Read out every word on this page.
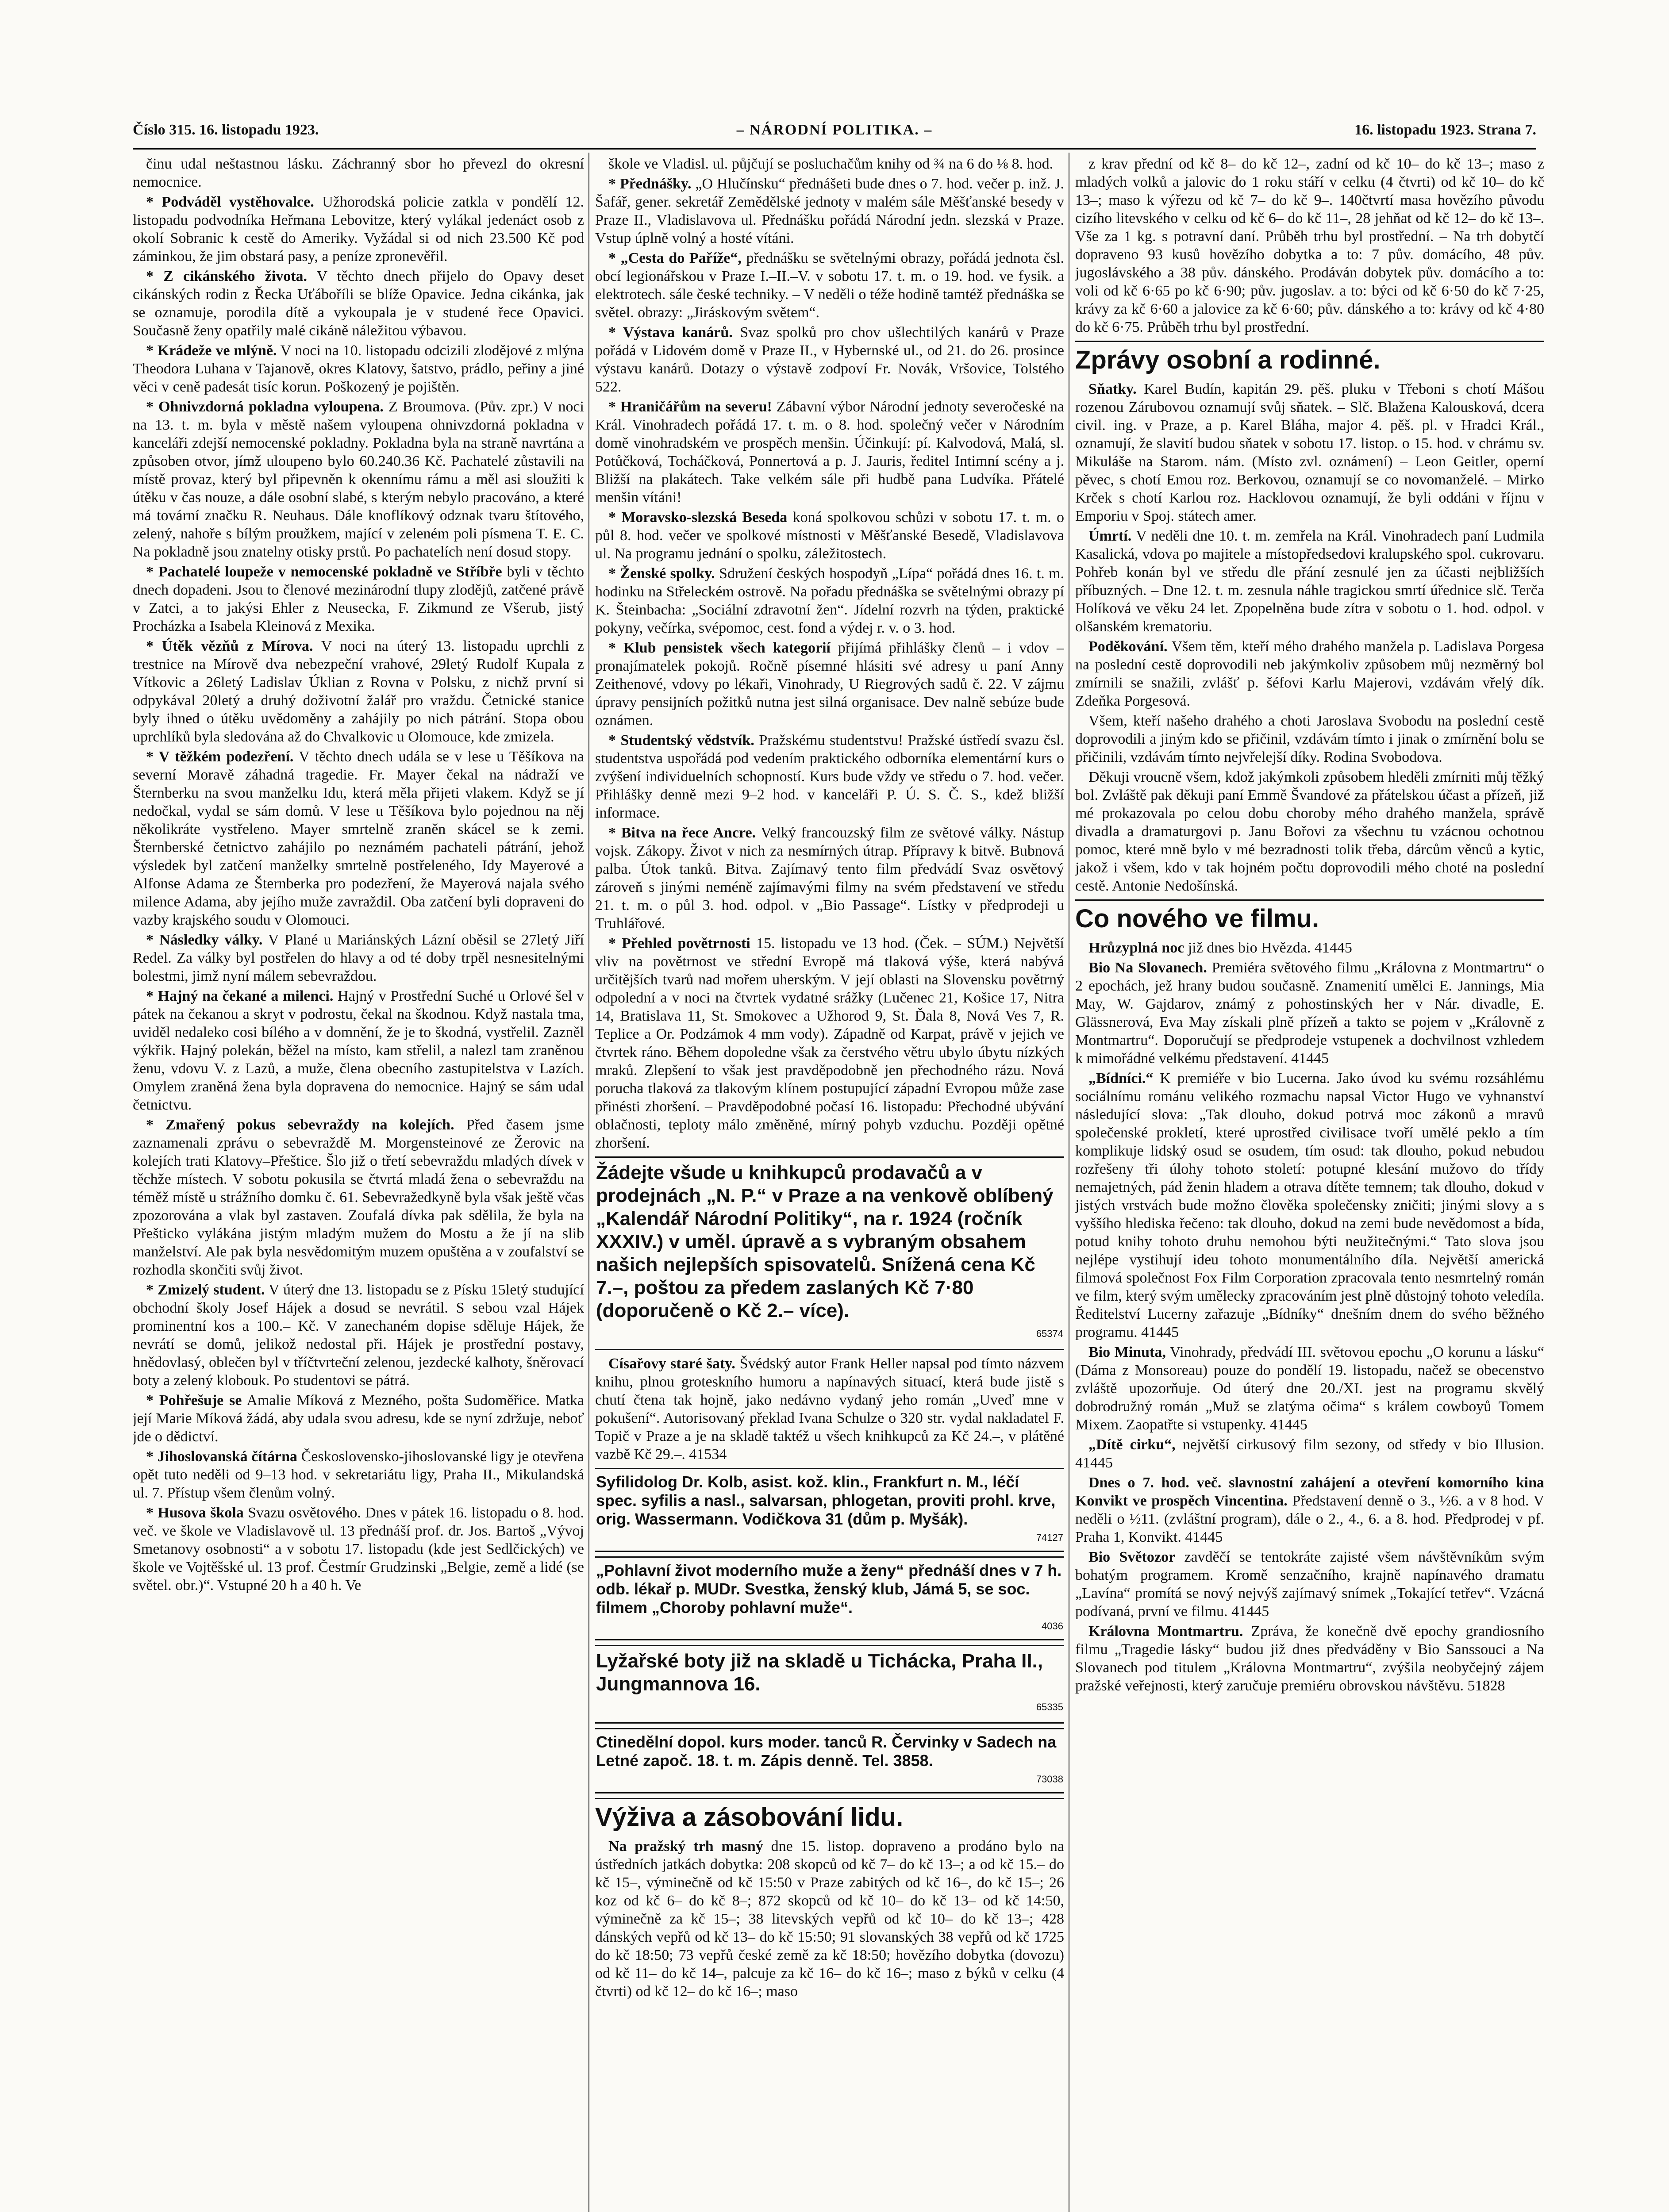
Číslo 315. 16. listopadu 1923.	– NÁRODNÍ POLITIKA. –	16. listopadu 1923. Strana 7.

činu udal neštastnou lásku. Záchranný sbor ho převezl do okresní nemocnice.

* Podváděl vystěhovalce. Užhorodská policie zatkla v pondělí 12. listopadu podvodníka Heřmana Lebovitze, který vylákal jedenáct osob z okolí Sobranic k cestě do Ameriky. Vyžádal si od nich 23.500 Kč pod záminkou, že jim obstará pasy, a peníze zpronevěřil.

* Z cikánského života. V těchto dnech přijelo do Opavy deset cikánských rodin z Řecka Uťáboříli se blíže Opavice. Jedna cikánka, jak se oznamuje, porodila dítě a vykoupala je v studené řece Opavici. Současně ženy opatřily malé cikáně náležitou výbavou.

* Krádeže ve mlýně. V noci na 10. listopadu odcizili zlodějové z mlýna Theodora Luhana v Tajanově, okres Klatovy, šatstvo, prádlo, peřiny a jiné věci v ceně padesát tisíc korun. Poškozený je pojištěn.

* Ohnivzdorná pokladna vyloupena. Z Broumova. (Pův. zpr.) V noci na 13. t. m. byla v městě našem vyloupena ohnivzdorná pokladna v kanceláři zdejší nemocenské pokladny. Pokladna byla na straně navrtána a způsoben otvor, jímž uloupeno bylo 60.240.36 Kč. Pachatelé zůstavili na místě provaz, který byl připevněn k okennímu rámu a měl asi sloužiti k útěku v čas nouze, a dále osobní slabé, s kterým nebylo pracováno, a které má tovární značku R. Neuhaus. Dále knoflíkový odznak tvaru štítového, zelený, nahoře s bílým proužkem, mající v zeleném poli písmena T. E. C. Na pokladně jsou znatelny otisky prstů. Po pachatelích není dosud stopy.

* Pachatelé loupeže v nemocenské pokladně ve Stříbře byli v těchto dnech dopadeni. Jsou to členové mezinárodní tlupy zlodějů, zatčené právě v Zatci, a to jakýsi Ehler z Neusecka, F. Zikmund ze Všerub, jistý Procházka a Isabela Kleinová z Mexika.

* Útěk vězňů z Mírova. V noci na úterý 13. listopadu uprchli z trestnice na Mírově dva nebezpeční vrahové, 29letý Rudolf Kupala z Vítkovic a 26letý Ladislav Úklian z Rovna v Polsku, z nichž první si odpykával 20letý a druhý doživotní žalář pro vraždu. Četnické stanice byly ihned o útěku uvědoměny a zahájily po nich pátrání. Stopa obou uprchlíků byla sledována až do Chvalkovic u Olomouce, kde zmizela.

* V těžkém podezření. V těchto dnech udála se v lese u Těšíkova na severní Moravě záhadná tragedie. Fr. Mayer čekal na nádraží ve Šternberku na svou manželku Idu, která měla přijeti vlakem. Když se jí nedočkal, vydal se sám domů. V lese u Těšíkova bylo pojednou na něj několikráte vystřeleno. Mayer smrtelně zraněn skácel se k zemi. Šternberské četnictvo zahájilo po neznámém pachateli pátrání, jehož výsledek byl zatčení manželky smrtelně postřeleného, Idy Mayerové a Alfonse Adama ze Šternberka pro podezření, že Mayerová najala svého milence Adama, aby jejího muže zavraždil. Oba zatčení byli dopraveni do vazby krajského soudu v Olomouci.

* Následky války. V Plané u Mariánských Lázní oběsil se 27letý Jiří Redel. Za války byl postřelen do hlavy a od té doby trpěl nesnesitelnými bolestmi, jimž nyní málem sebevraždou.

* Hajný na čekané a milenci. Hajný v Prostřední Suché u Orlové šel v pátek na čekanou a skryt v podrostu, čekal na škodnou. Když nastala tma, uviděl nedaleko cosi bílého a v domnění, že je to škodná, vystřelil. Zazněl výkřik. Hajný polekán, běžel na místo, kam střelil, a nalezl tam zraněnou ženu, vdovu V. z Lazů, a muže, člena obecního zastupitelstva v Lazích. Omylem zraněná žena byla dopravena do nemocnice. Hajný se sám udal četnictvu.

* Zmařený pokus sebevraždy na kolejích. Před časem jsme zaznamenali zprávu o sebevraždě M. Morgensteinové ze Žerovic na kolejích trati Klatovy–Přeštice. Šlo již o třetí sebevraždu mladých dívek v těchže místech. V sobotu pokusila se čtvrtá mladá žena o sebevraždu na téměž místě u strážního domku č. 61. Sebevražedkyně byla však ještě včas zpozorována a vlak byl zastaven. Zoufalá dívka pak sdělila, že byla na Přešticko vylákána jistým mladým mužem do Mostu a že jí na slib manželství. Ale pak byla nesvědomitým muzem opuštěna a v zoufalství se rozhodla skončiti svůj život.

* Zmizelý student. V úterý dne 13. listopadu se z Písku 15letý studující obchodní školy Josef Hájek a dosud se nevrátil. S sebou vzal Hájek prominentní kos a 100.– Kč. V zanechaném dopise sděluje Hájek, že nevrátí se domů, jelikož nedostal při. Hájek je prostřední postavy, hnědovlasý, oblečen byl v tříčtvrteční zelenou, jezdecké kalhoty, šněrovací boty a zelený klobouk. Po studentovi se pátrá.

* Pohřešuje se Amalie Míková z Mezného, pošta Sudoměřice. Matka její Marie Míková žádá, aby udala svou adresu, kde se nyní zdržuje, neboť jde o dědictví.

* Jihoslovanská čítárna Československo-jihoslovanské ligy je otevřena opět tuto neděli od 9–13 hod. v sekretariátu ligy, Praha II., Mikulandská ul. 7. Přístup všem členům volný.

* Husova škola Svazu osvětového. Dnes v pátek 16. listopadu o 8. hod. več. ve škole ve Vladislavově ul. 13 přednáší prof. dr. Jos. Bartoš „Vývoj Smetanovy osobnosti“ a v sobotu 17. listopadu (kde jest Sedlčických) ve škole ve Vojtěšské ul. 13 prof. Čestmír Grudzinski „Belgie, země a lidé (se světel. obr.)“. Vstupné 20 h a 40 h. Ve

škole ve Vladisl. ul. půjčují se posluchačům knihy od ¾ na 6 do ⅛ 8. hod.

* Přednášky. „O Hlučínsku“ přednášeti bude dnes o 7. hod. večer p. inž. J. Šafář, gener. sekretář Zemědělské jednoty v malém sále Měšťanské besedy v Praze II., Vladislavova ul. Přednášku pořádá Národní jedn. slezská v Praze. Vstup úplně volný a hosté vítáni.

* „Cesta do Paříže“, přednášku se světelnými obrazy, pořádá jednota čsl. obcí legionářskou v Praze I.–II.–V. v sobotu 17. t. m. o 19. hod. ve fysik. a elektrotech. sále české techniky. – V neděli o téže hodině tamtéž přednáška se světel. obrazy: „Jiráskovým světem“.

* Výstava kanárů. Svaz spolků pro chov ušlechtilých kanárů v Praze pořádá v Lidovém domě v Praze II., v Hybernské ul., od 21. do 26. prosince výstavu kanárů. Dotazy o výstavě zodpoví Fr. Novák, Vršovice, Tolstého 522.

* Hraničářům na severu! Zábavní výbor Národní jednoty severočeské na Král. Vinohradech pořádá 17. t. m. o 8. hod. společný večer v Národním domě vinohradském ve prospěch menšin. Účinkují: pí. Kalvodová, Malá, sl. Potůčková, Tocháčková, Ponnertová a p. J. Jauris, ředitel Intimní scény a j. Bližší na plakátech. Take velkém sále při hudbě pana Ludvíka. Přátelé menšin vítáni!

* Moravsko-slezská Beseda koná spolkovou schůzi v sobotu 17. t. m. o půl 8. hod. večer ve spolkové místnosti v Měšťanské Besedě, Vladislavova ul. Na programu jednání o spolku, záležitostech.

* Ženské spolky. Sdružení českých hospodyň „Lípa“ pořádá dnes 16. t. m. hodinku na Střeleckém ostrově. Na pořadu přednáška se světelnými obrazy pí K. Šteinbacha: „Sociální zdravotní žen“. Jídelní rozvrh na týden, praktické pokyny, večírka, svépomoc, cest. fond a výdej r. v. o 3. hod.

* Klub pensistek všech kategorií přijímá přihlášky členů – i vdov – pronajímatelek pokojů. Ročně písemné hlásiti své adresy u paní Anny Zeithenové, vdovy po lékaři, Vinohrady, U Riegrových sadů č. 22. V zájmu úpravy pensijních požitků nutna jest silná organisace. Dev nalně sebúze bude oznámen.

* Studentský vědstvík. Pražskému studentstvu! Pražské ústředí svazu čsl. studentstva uspořádá pod vedením praktického odborníka elementární kurs o zvýšení individuelních schopností. Kurs bude vždy ve středu o 7. hod. večer. Přihlášky denně mezi 9–2 hod. v kanceláři P. Ú. S. Č. S., kdež bližší informace.

* Bitva na řece Ancre. Velký francouzský film ze světové války. Nástup vojsk. Zákopy. Život v nich za nesmírných útrap. Přípravy k bitvě. Bubnová palba. Útok tanků. Bitva. Zajímavý tento film předvádí Svaz osvětový zároveň s jinými neméně zajímavými filmy na svém představení ve středu 21. t. m. o půl 3. hod. odpol. v „Bio Passage“. Lístky v předprodeji u Truhlářové.

* Přehled povětrnosti 15. listopadu ve 13 hod. (Ček. – SÚM.) Největší vliv na povětrnost ve střední Evropě má tlaková výše, která nabývá určitějších tvarů nad mořem uherským. V její oblasti na Slovensku povětrný odpolední a v noci na čtvrtek vydatné srážky (Lučenec 21, Košice 17, Nitra 14, Bratislava 11, St. Smokovec a Užhorod 9, St. Ďala 8, Nová Ves 7, R. Teplice a Or. Podzámok 4 mm vody). Západně od Karpat, právě v jejich ve čtvrtek ráno. Během dopoledne však za čerstvého větru ubylo úbytu nízkých mraků. Zlepšení to však jest pravděpodobně jen přechodného rázu. Nová porucha tlaková za tlakovým klínem postupující západní Evropou může zase přinésti zhoršení. – Pravděpodobné počasí 16. listopadu: Přechodné ubývání oblačnosti, teploty málo změněné, mírný pohyb vzduchu. Později opětné zhoršení.

Žádejte všude u knihkupců prodavačů a v prodejnách „N. P.“ v Praze a na venkově oblíbený „Kalendář Národní Politiky“, na r. 1924 (ročník XXXIV.) v uměl. úpravě a s vybraným obsahem našich nejlepších spisovatelů. Snížená cena Kč 7.–, poštou za předem zaslaných Kč 7·80 (doporučeně o Kč 2.– více).
65374

Císařovy staré šaty. Švédský autor Frank Heller napsal pod tímto názvem knihu, plnou groteskního humoru a napínavých situací, která bude jistě s chutí čtena tak hojně, jako nedávno vydaný jeho román „Uveď mne v pokušení“. Autorisovaný překlad Ivana Schulze o 320 str. vydal nakladatel F. Topič v Praze a je na skladě taktéž u všech knihkupců za Kč 24.–, v plátěné vazbě Kč 29.–. 41534

Syfilidolog Dr. Kolb, asist. kož. klin., Frankfurt n. M., léčí spec. syfilis a nasl., salvarsan, phlogetan, proviti prohl. krve, orig. Wassermann. Vodičkova 31 (dům p. Myšák).
74127
„Pohlavní život moderního muže a ženy“ přednáší dnes v 7 h. odb. lékař p. MUDr. Svestka, ženský klub, Jámá 5, se soc. filmem „Choroby pohlavní muže“.
4036
Lyžařské boty již na skladě u Tichácka, Praha II., Jungmannova 16.
65335
Ctinedělní dopol. kurs moder. tanců R. Červinky v Sadech na Letné započ. 18. t. m. Zápis denně. Tel. 3858.
73038
Výživa a zásobování lidu.

Na pražský trh masný dne 15. listop. dopraveno a prodáno bylo na ústředních jatkách dobytka: 208 skopců od kč 7– do kč 13–; a od kč 15.– do kč 15–, výminečně od kč 15:50 v Praze zabitých od kč 16–, do kč 15–; 26 koz od kč 6– do kč 8–; 872 skopců od kč 10– do kč 13– od kč 14:50, výminečně za kč 15–; 38 litevských vepřů od kč 10– do kč 13–; 428 dánských vepřů od kč 13– do kč 15:50; 91 slovanských 38 vepřů od kč 1725 do kč 18:50; 73 vepřů české země za kč 18:50; hovězího dobytka (dovozu) od kč 11– do kč 14–, palcuje za kč 16– do kč 16–; maso z býků v celku (4 čtvrti) od kč 12– do kč 16–; maso

z krav přední od kč 8– do kč 12–, zadní od kč 10– do kč 13–; maso z mladých volků a jalovic do 1 roku stáří v celku (4 čtvrti) od kč 10– do kč 13–; maso k výřezu od kč 7– do kč 9–. 140čtvrtí masa hovězího původu cizího litevského v celku od kč 6– do kč 11–, 28 jehňat od kč 12– do kč 13–. Vše za 1 kg. s potravní daní. Průběh trhu byl prostřední. – Na trh dobytčí dopraveno 93 kusů hovězího dobytka a to: 7 pův. domácího, 48 pův. jugoslávského a 38 pův. dánského. Prodáván dobytek pův. domácího a to: voli od kč 6·65 po kč 6·90; pův. jugoslav. a to: býci od kč 6·50 do kč 7·25, krávy za kč 6·60 a jalovice za kč 6·60; pův. dánského a to: krávy od kč 4·80 do kč 6·75. Průběh trhu byl prostřední.

Zprávy osobní a rodinné.

Sňatky. Karel Budín, kapitán 29. pěš. pluku v Třeboni s chotí Mášou rozenou Zárubovou oznamují svůj sňatek. – Slč. Blažena Kalousková, dcera civil. ing. v Praze, a p. Karel Bláha, major 4. pěš. pl. v Hradci Král., oznamují, že slavití budou sňatek v sobotu 17. listop. o 15. hod. v chrámu sv. Mikuláše na Starom. nám. (Místo zvl. oznámení) – Leon Geitler, operní pěvec, s chotí Emou roz. Berkovou, oznamují se co novomanželé. – Mirko Krček s chotí Karlou roz. Hacklovou oznamují, že byli oddáni v říjnu v Emporiu v Spoj. státech amer.

Úmrtí. V neděli dne 10. t. m. zemřela na Král. Vinohradech paní Ludmila Kasalická, vdova po majitele a místopředsedovi kralupského spol. cukrovaru. Pohřeb konán byl ve středu dle přání zesnulé jen za účasti nejbližších příbuzných. – Dne 12. t. m. zesnula náhle tragickou smrtí úřednice slč. Terča Holíková ve věku 24 let. Zpopelněna bude zítra v sobotu o 1. hod. odpol. v olšanském krematoriu.

Poděkování. Všem těm, kteří mého drahého manžela p. Ladislava Porgesa na poslední cestě doprovodili neb jakýmkoliv způsobem můj nezměrný bol zmírnili se snažili, zvlášť p. šéfovi Karlu Majerovi, vzdávám vřelý dík. Zdeňka Porgesová.

Všem, kteří našeho drahého a choti Jaroslava Svobodu na poslední cestě doprovodili a jiným kdo se přičinil, vzdávám tímto i jinak o zmírnění bolu se přičinili, vzdávám tímto nejvřelejší díky. Rodina Svobodova.

Děkuji vroucně všem, kdož jakýmkoli způsobem hleděli zmírniti můj těžký bol. Zvláště pak děkuji paní Emmě Švandové za přátelskou účast a přízeň, již mé prokazovala po celou dobu choroby mého drahého manžela, správě divadla a dramaturgovi p. Janu Bořovi za všechnu tu vzácnou ochotnou pomoc, které mně bylo v mé bezradnosti tolik třeba, dárcům věnců a kytic, jakož i všem, kdo v tak hojném počtu doprovodili mého choté na poslední cestě. Antonie Nedošínská.

Co nového ve filmu.

Hrůzyplná noc již dnes bio Hvězda. 41445

Bio Na Slovanech. Premiéra světového filmu „Královna z Montmartru“ o 2 epochách, jež hrany budou současně. Znamenití umělci E. Jannings, Mia May, W. Gajdarov, známý z pohostinských her v Nár. divadle, E. Glässnerová, Eva May získali plně přízeň a takto se pojem v „Královně z Montmartru“. Doporučují se předprodeje vstupenek a dochvilnost vzhledem k mimořádné velkému představení. 41445

„Bídníci.“ K premiéře v bio Lucerna. Jako úvod ku svému rozsáhlému sociálnímu románu velikého rozmachu napsal Victor Hugo ve vyhnanství následující slova: „Tak dlouho, dokud potrvá moc zákonů a mravů společenské prokletí, které uprostřed civilisace tvoří umělé peklo a tím komplikuje lidský osud se osudem, tím osud: tak dlouho, pokud nebudou rozřešeny tři úlohy tohoto století: potupné klesání mužovo do třídy nemajetných, pád ženin hladem a otrava dítěte temnem; tak dlouho, dokud v jistých vrstvách bude možno člověka společensky zničiti; jinými slovy a s vyššího hlediska řečeno: tak dlouho, dokud na zemi bude nevědomost a bída, potud knihy tohoto druhu nemohou býti neužitečnými.“ Tato slova jsou nejlépe vystihují ideu tohoto monumentálního díla. Největší americká filmová společnost Fox Film Corporation zpracovala tento nesmrtelný román ve film, který svým umělecky zpracováním jest plně důstojný tohoto veledíla. Ředitelství Lucerny zařazuje „Bídníky“ dnešním dnem do svého běžného programu. 41445

Bio Minuta, Vinohrady, předvádí III. světovou epochu „O korunu a lásku“ (Dáma z Monsoreau) pouze do pondělí 19. listopadu, načež se obecenstvo zvláště upozorňuje. Od úterý dne 20./XI. jest na programu skvělý dobrodružný román „Muž se zlatýma očima“ s králem cowboyů Tomem Mixem. Zaopatřte si vstupenky. 41445

„Dítě cirku“, největší cirkusový film sezony, od středy v bio Illusion. 41445

Dnes o 7. hod. več. slavnostní zahájení a otevření komorního kina Konvikt ve prospěch Vincentina. Představení denně o 3., ½6. a v 8 hod. V neděli o ½11. (zvláštní program), dále o 2., 4., 6. a 8. hod. Předprodej v pf. Praha 1, Konvikt. 41445

Bio Světozor zavděčí se tentokráte zajisté všem návštěvníkům svým bohatým programem. Kromě senzačního, krajně napínavého dramatu „Lavína“ promítá se nový nejvýš zajímavý snímek „Tokající tetřev“. Vzácná podívaná, první ve filmu. 41445

Královna Montmartru. Zpráva, že konečně dvě epochy grandiosního filmu „Tragedie lásky“ budou již dnes předváděny v Bio Sanssouci a Na Slovanech pod titulem „Královna Montmartru“, zvýšila neobyčejný zájem pražské veřejnosti, který zaručuje premiéru obrovskou návštěvu. 51828
